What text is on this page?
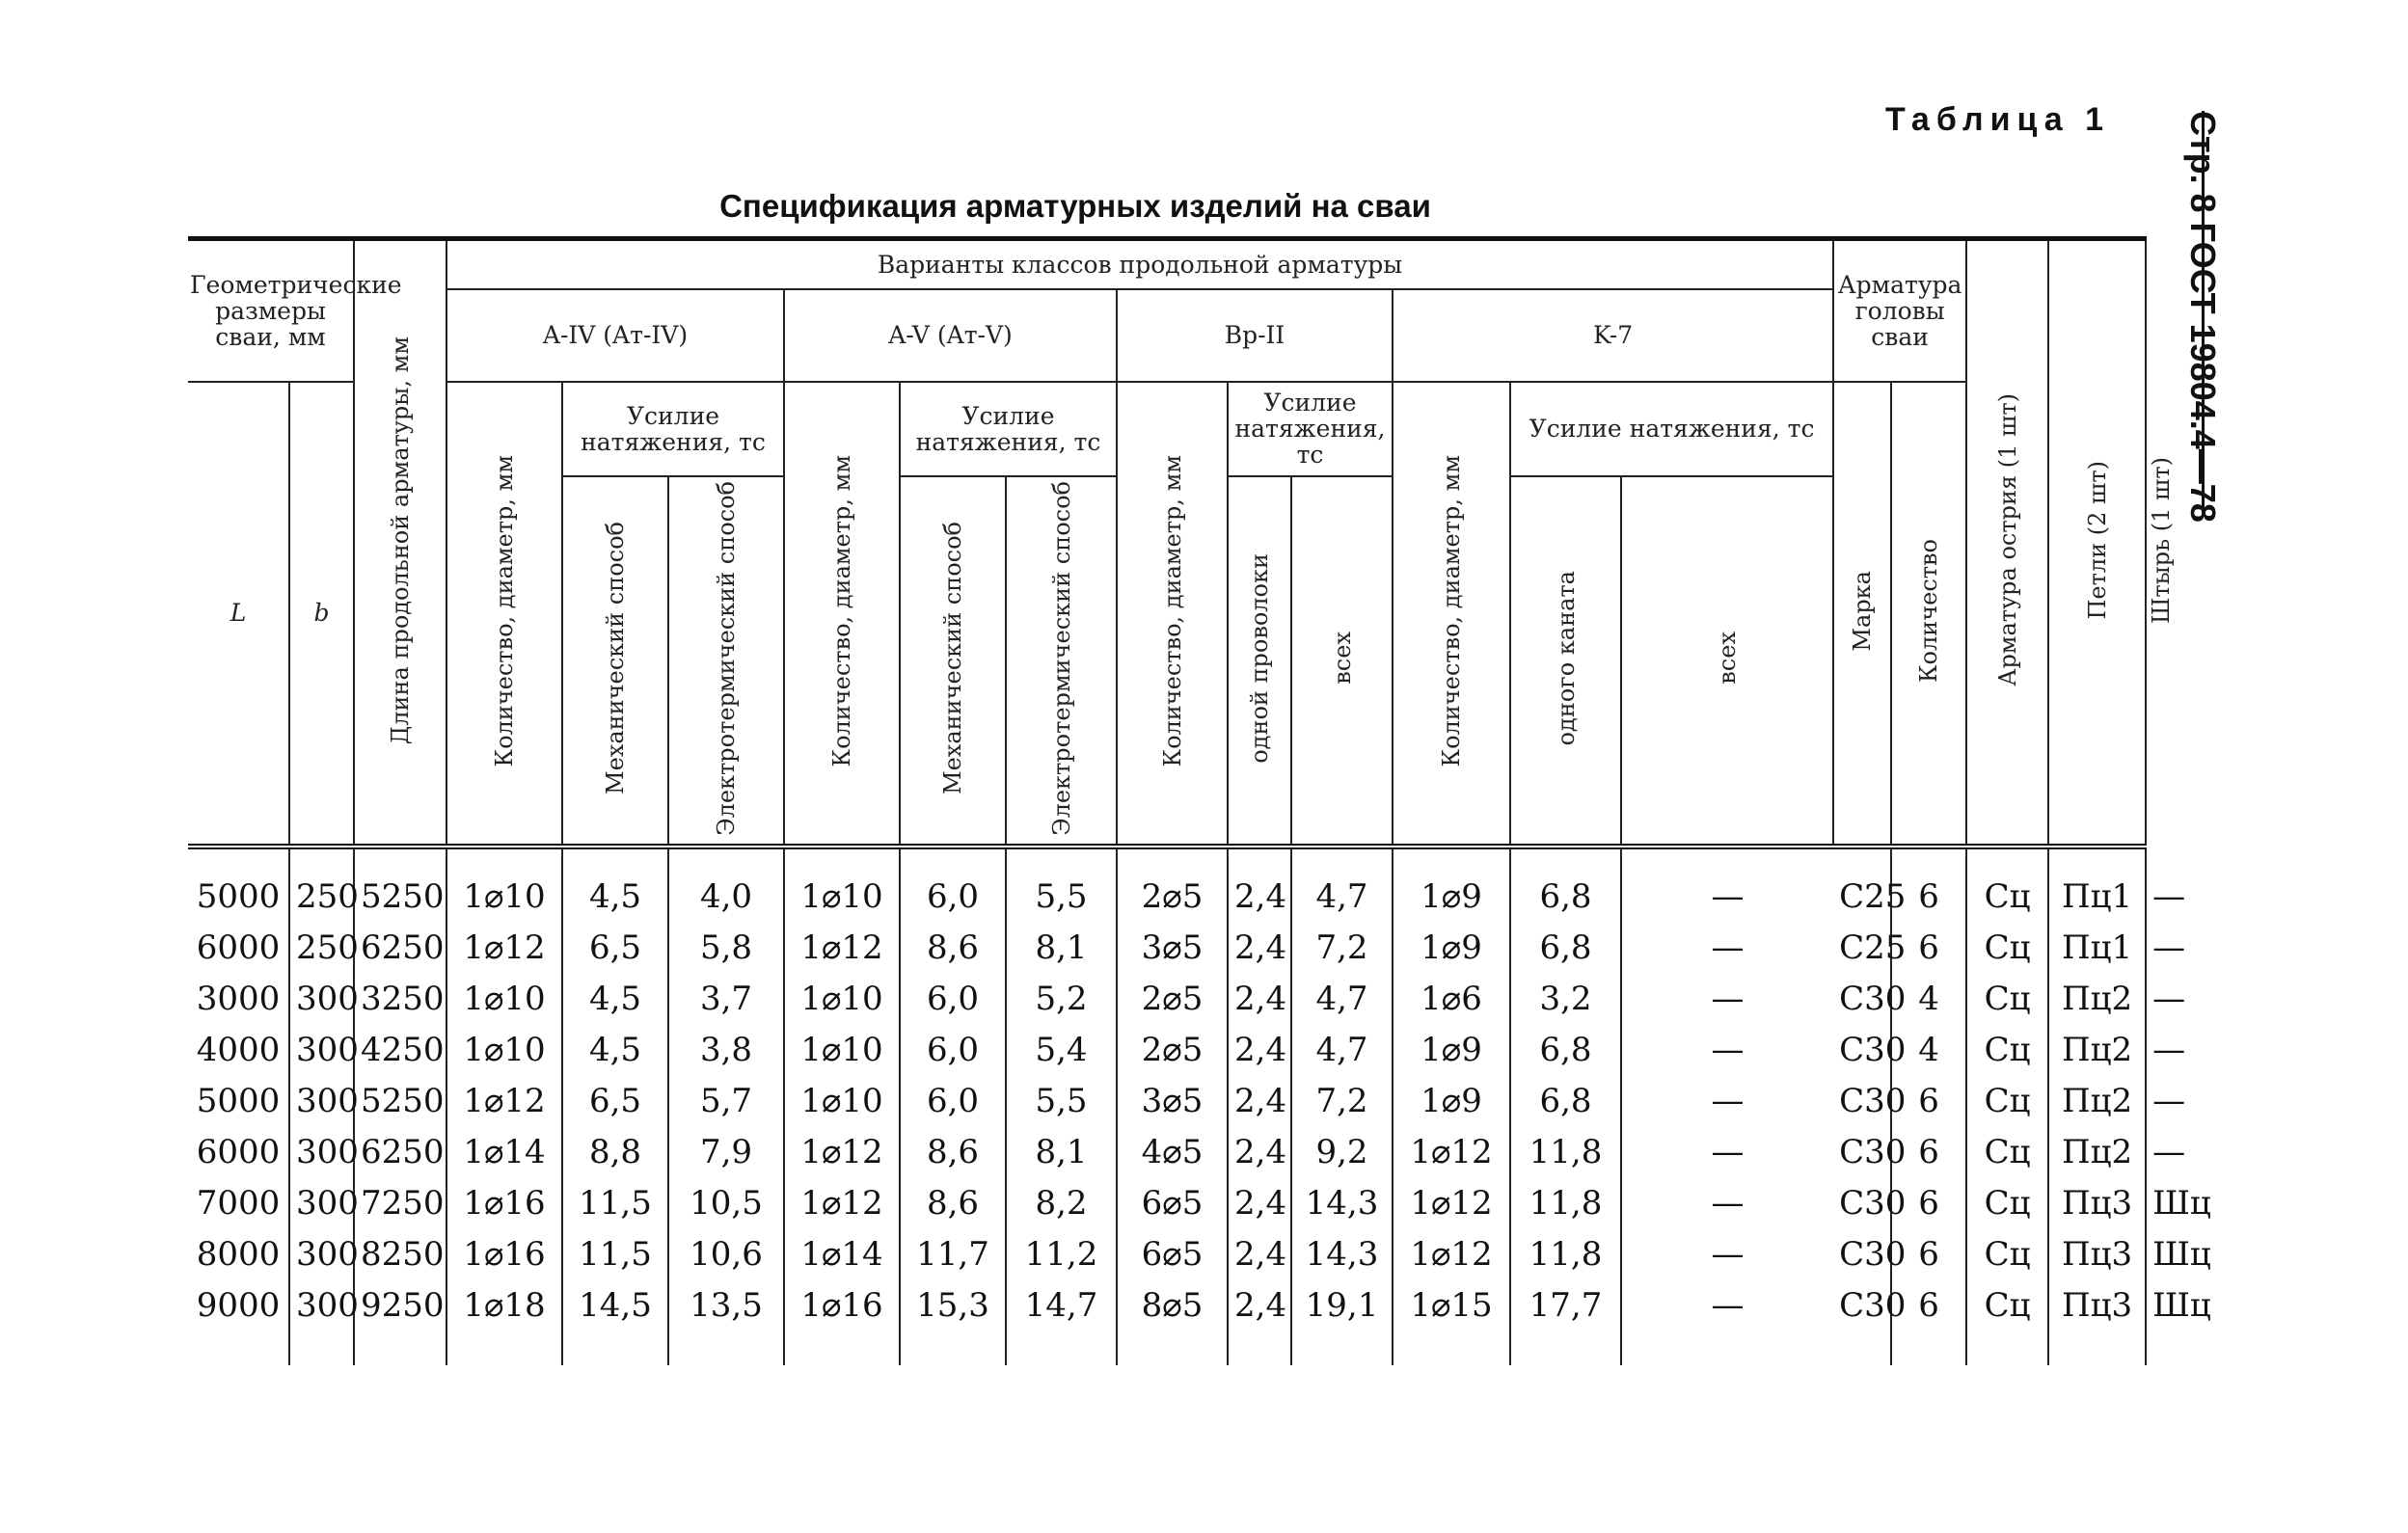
Таблица 1
Спецификация арматурных изделий на сваи	Стр. 8 ГОСТ 19804.4—78
Геометрические размеры сваи, мм		Длина продольной арматуры, мм	Варианты классов продольной арматуры												Арматура головы сваи		Арматура острия (1 шт)	Петли (2 шт)	Штырь (1 шт)
			A-IV (Aт-IV)			A-V (Aт-V)			Bp-II			K-7							
L	b		Количество, диаметр, мм	Усилие натяжения, тс		Количество, диаметр, мм	Усилие натяжения, тс		Количество, диаметр, мм	Усилие натяжения, тс		Количество, диаметр, мм	Усилие натяжения, тс		Марка	Количество			
				Механический способ	Электротермический способ		Механический способ	Электротермический способ		одной проволоки	всех		одного каната	всех					
5000	250	5250	1⌀10	4,5	4,0	1⌀10	6,0	5,5	2⌀5	2,4	4,7	1⌀9	6,8	—	С25	6	Сц	Пц1	—
6000	250	6250	1⌀12	6,5	5,8	1⌀12	8,6	8,1	3⌀5	2,4	7,2	1⌀9	6,8	—	С25	6	Сц	Пц1	—
3000	300	3250	1⌀10	4,5	3,7	1⌀10	6,0	5,2	2⌀5	2,4	4,7	1⌀6	3,2	—	С30	4	Сц	Пц2	—
4000	300	4250	1⌀10	4,5	3,8	1⌀10	6,0	5,4	2⌀5	2,4	4,7	1⌀9	6,8	—	С30	4	Сц	Пц2	—
5000	300	5250	1⌀12	6,5	5,7	1⌀10	6,0	5,5	3⌀5	2,4	7,2	1⌀9	6,8	—	С30	6	Сц	Пц2	—
6000	300	6250	1⌀14	8,8	7,9	1⌀12	8,6	8,1	4⌀5	2,4	9,2	1⌀12	11,8	—	С30	6	Сц	Пц2	—
7000	300	7250	1⌀16	11,5	10,5	1⌀12	8,6	8,2	6⌀5	2,4	14,3	1⌀12	11,8	—	С30	6	Сц	Пц3	Шц
8000	300	8250	1⌀16	11,5	10,6	1⌀14	11,7	11,2	6⌀5	2,4	14,3	1⌀12	11,8	—	С30	6	Сц	Пц3	Шц
9000	300	9250	1⌀18	14,5	13,5	1⌀16	15,3	14,7	8⌀5	2,4	19,1	1⌀15	17,7	—	С30	6	Сц	Пц3	Шц
